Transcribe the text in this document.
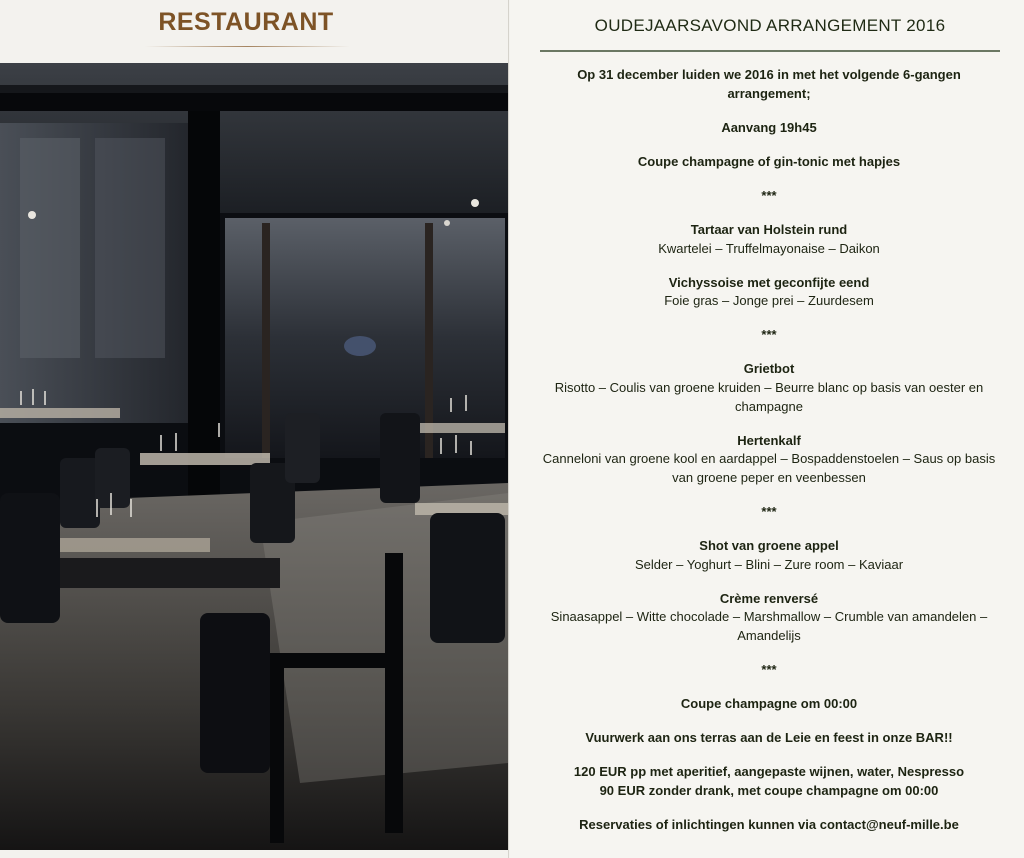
RESTAURANT	OUDEJAARSAVOND ARRANGEMENT 2016

Op 31 december luiden we 2016 in met het volgende 6-gangen arrangement;

Aanvang 19h45

Coupe champagne of gin-tonic met hapjes

***

Tartaar van Holstein rund

Kwartelei – Truffelmayonaise – Daikon

Vichyssoise met geconfijte eend

Foie gras – Jonge prei – Zuurdesem

***

Grietbot

Risotto – Coulis van groene kruiden – Beurre blanc op basis van oester en champagne

Hertenkalf

Canneloni van groene kool en aardappel – Bospaddenstoelen – Saus op basis van groene peper en veenbessen

***

Shot van groene appel

Selder – Yoghurt – Blini – Zure room – Kaviaar

Crème renversé

Sinaasappel – Witte chocolade – Marshmallow – Crumble van amandelen – Amandelijs

***

Coupe champagne om 00:00

Vuurwerk aan ons terras aan de Leie en feest in onze BAR!!

120 EUR pp met aperitief, aangepaste wijnen, water, Nespresso

90 EUR zonder drank, met coupe champagne om 00:00

Reservaties of inlichtingen kunnen via contact@neuf-mille.be
